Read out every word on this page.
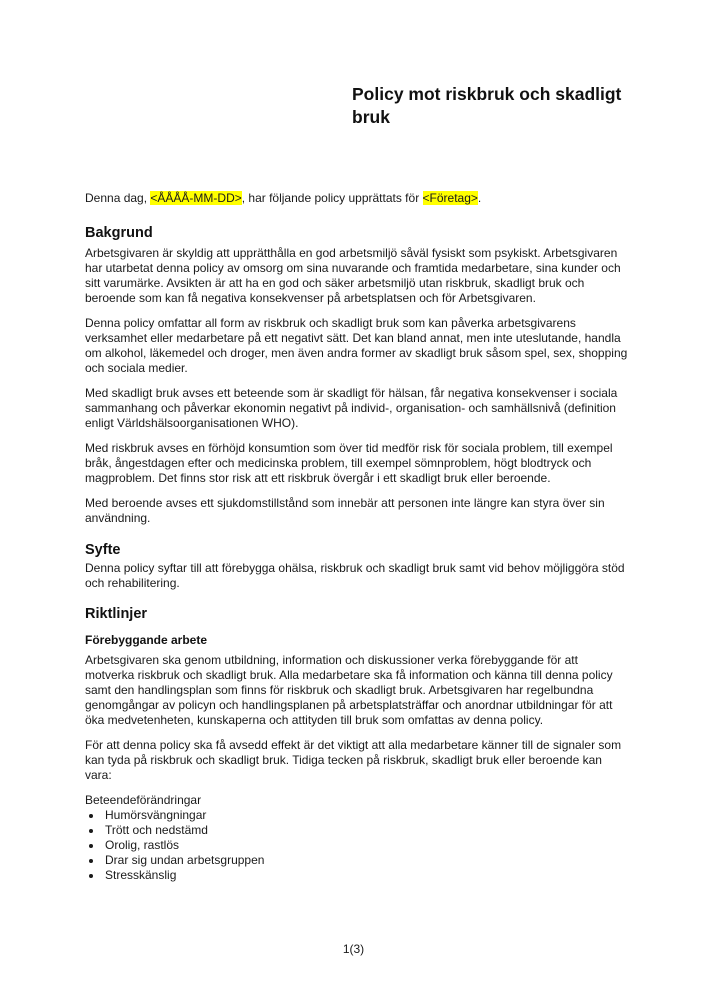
Policy mot riskbruk och skadligt bruk

Denna dag, <ÅÅÅÅ-MM-DD>, har följande policy upprättats för <Företag>.

Bakgrund

Arbetsgivaren är skyldig att upprätthålla en god arbetsmiljö såväl fysiskt som psykiskt. Arbetsgivaren har utarbetat denna policy av omsorg om sina nuvarande och framtida medarbetare, sina kunder och sitt varumärke. Avsikten är att ha en god och säker arbetsmiljö utan riskbruk, skadligt bruk och beroende som kan få negativa konsekvenser på arbetsplatsen och för Arbetsgivaren.

Denna policy omfattar all form av riskbruk och skadligt bruk som kan påverka arbetsgivarens verksamhet eller medarbetare på ett negativt sätt. Det kan bland annat, men inte uteslutande, handla om alkohol, läkemedel och droger, men även andra former av skadligt bruk såsom spel, sex, shopping och sociala medier.

Med skadligt bruk avses ett beteende som är skadligt för hälsan, får negativa konsekvenser i sociala sammanhang och påverkar ekonomin negativt på individ-, organisation- och samhällsnivå (definition enligt Världshälsoorganisationen WHO).

Med riskbruk avses en förhöjd konsumtion som över tid medför risk för sociala problem, till exempel bråk, ångestdagen efter och medicinska problem, till exempel sömnproblem, högt blodtryck och magproblem. Det finns stor risk att ett riskbruk övergår i ett skadligt bruk eller beroende.

Med beroende avses ett sjukdomstillstånd som innebär att personen inte längre kan styra över sin användning.

Syfte

Denna policy syftar till att förebygga ohälsa, riskbruk och skadligt bruk samt vid behov möjliggöra stöd och rehabilitering.

Riktlinjer
Förebyggande arbete

Arbetsgivaren ska genom utbildning, information och diskussioner verka förebyggande för att motverka riskbruk och skadligt bruk. Alla medarbetare ska få information och känna till denna policy samt den handlingsplan som finns för riskbruk och skadligt bruk. Arbetsgivaren har regelbundna genomgångar av policyn och handlingsplanen på arbetsplatsträffar och anordnar utbildningar för att öka medvetenheten, kunskaperna och attityden till bruk som omfattas av denna policy.

För att denna policy ska få avsedd effekt är det viktigt att alla medarbetare känner till de signaler som kan tyda på riskbruk och skadligt bruk. Tidiga tecken på riskbruk, skadligt bruk eller beroende kan vara:

Beteendeförändringar
• Humörsvängningar
• Trött och nedstämd
• Orolig, rastlös
• Drar sig undan arbetsgruppen
• Stresskänslig
1(3)
